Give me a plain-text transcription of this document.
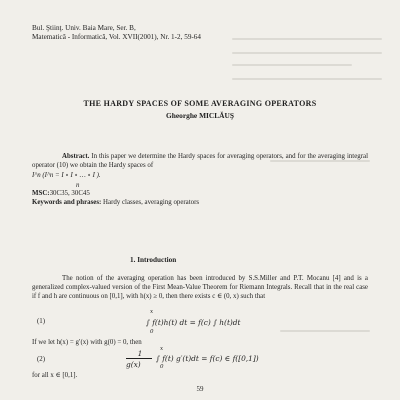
Bul. Ştiinţ. Univ. Baia Mare, Ser. B,
Matematică - Informatică, Vol. XVII(2001), Nr. 1-2, 59-64
THE HARDY SPACES OF SOME AVERAGING OPERATORS
Gheorghe MICLĂUŞ
Abstract. In this paper we determine the Hardy spaces for averaging operators, and for the averaging integral operator (10) we obtain the Hardy spaces of
I^n (I^n = I ∘ I ∘ … ∘ I ).
n
MSC:30C35, 30C45
Keywords and phrases: Hardy classes, averaging operators
1. Introduction
The notion of the averaging operation has been introduced by S.S.Miller and P.T. Mocanu [4] and is a generalized complex-valued version of the First Mean-Value Theorem for Riemann Integrals. Recall that in the real case if f and h are continuous on [0,1], with h(x) ≥ 0, then there exists c ∈ (0, x) such that
(1)	∫ f(t)h(t) dt = f(c) ∫ h(t)dt
x
0
If we let h(x) = g′(x) with g(0) = 0, then
(2)
1
g(x)
∫ f(t) g′(t)dt = f(c) ∈ f([0,1])
x
0
for all x ∈ [0,1].
59
